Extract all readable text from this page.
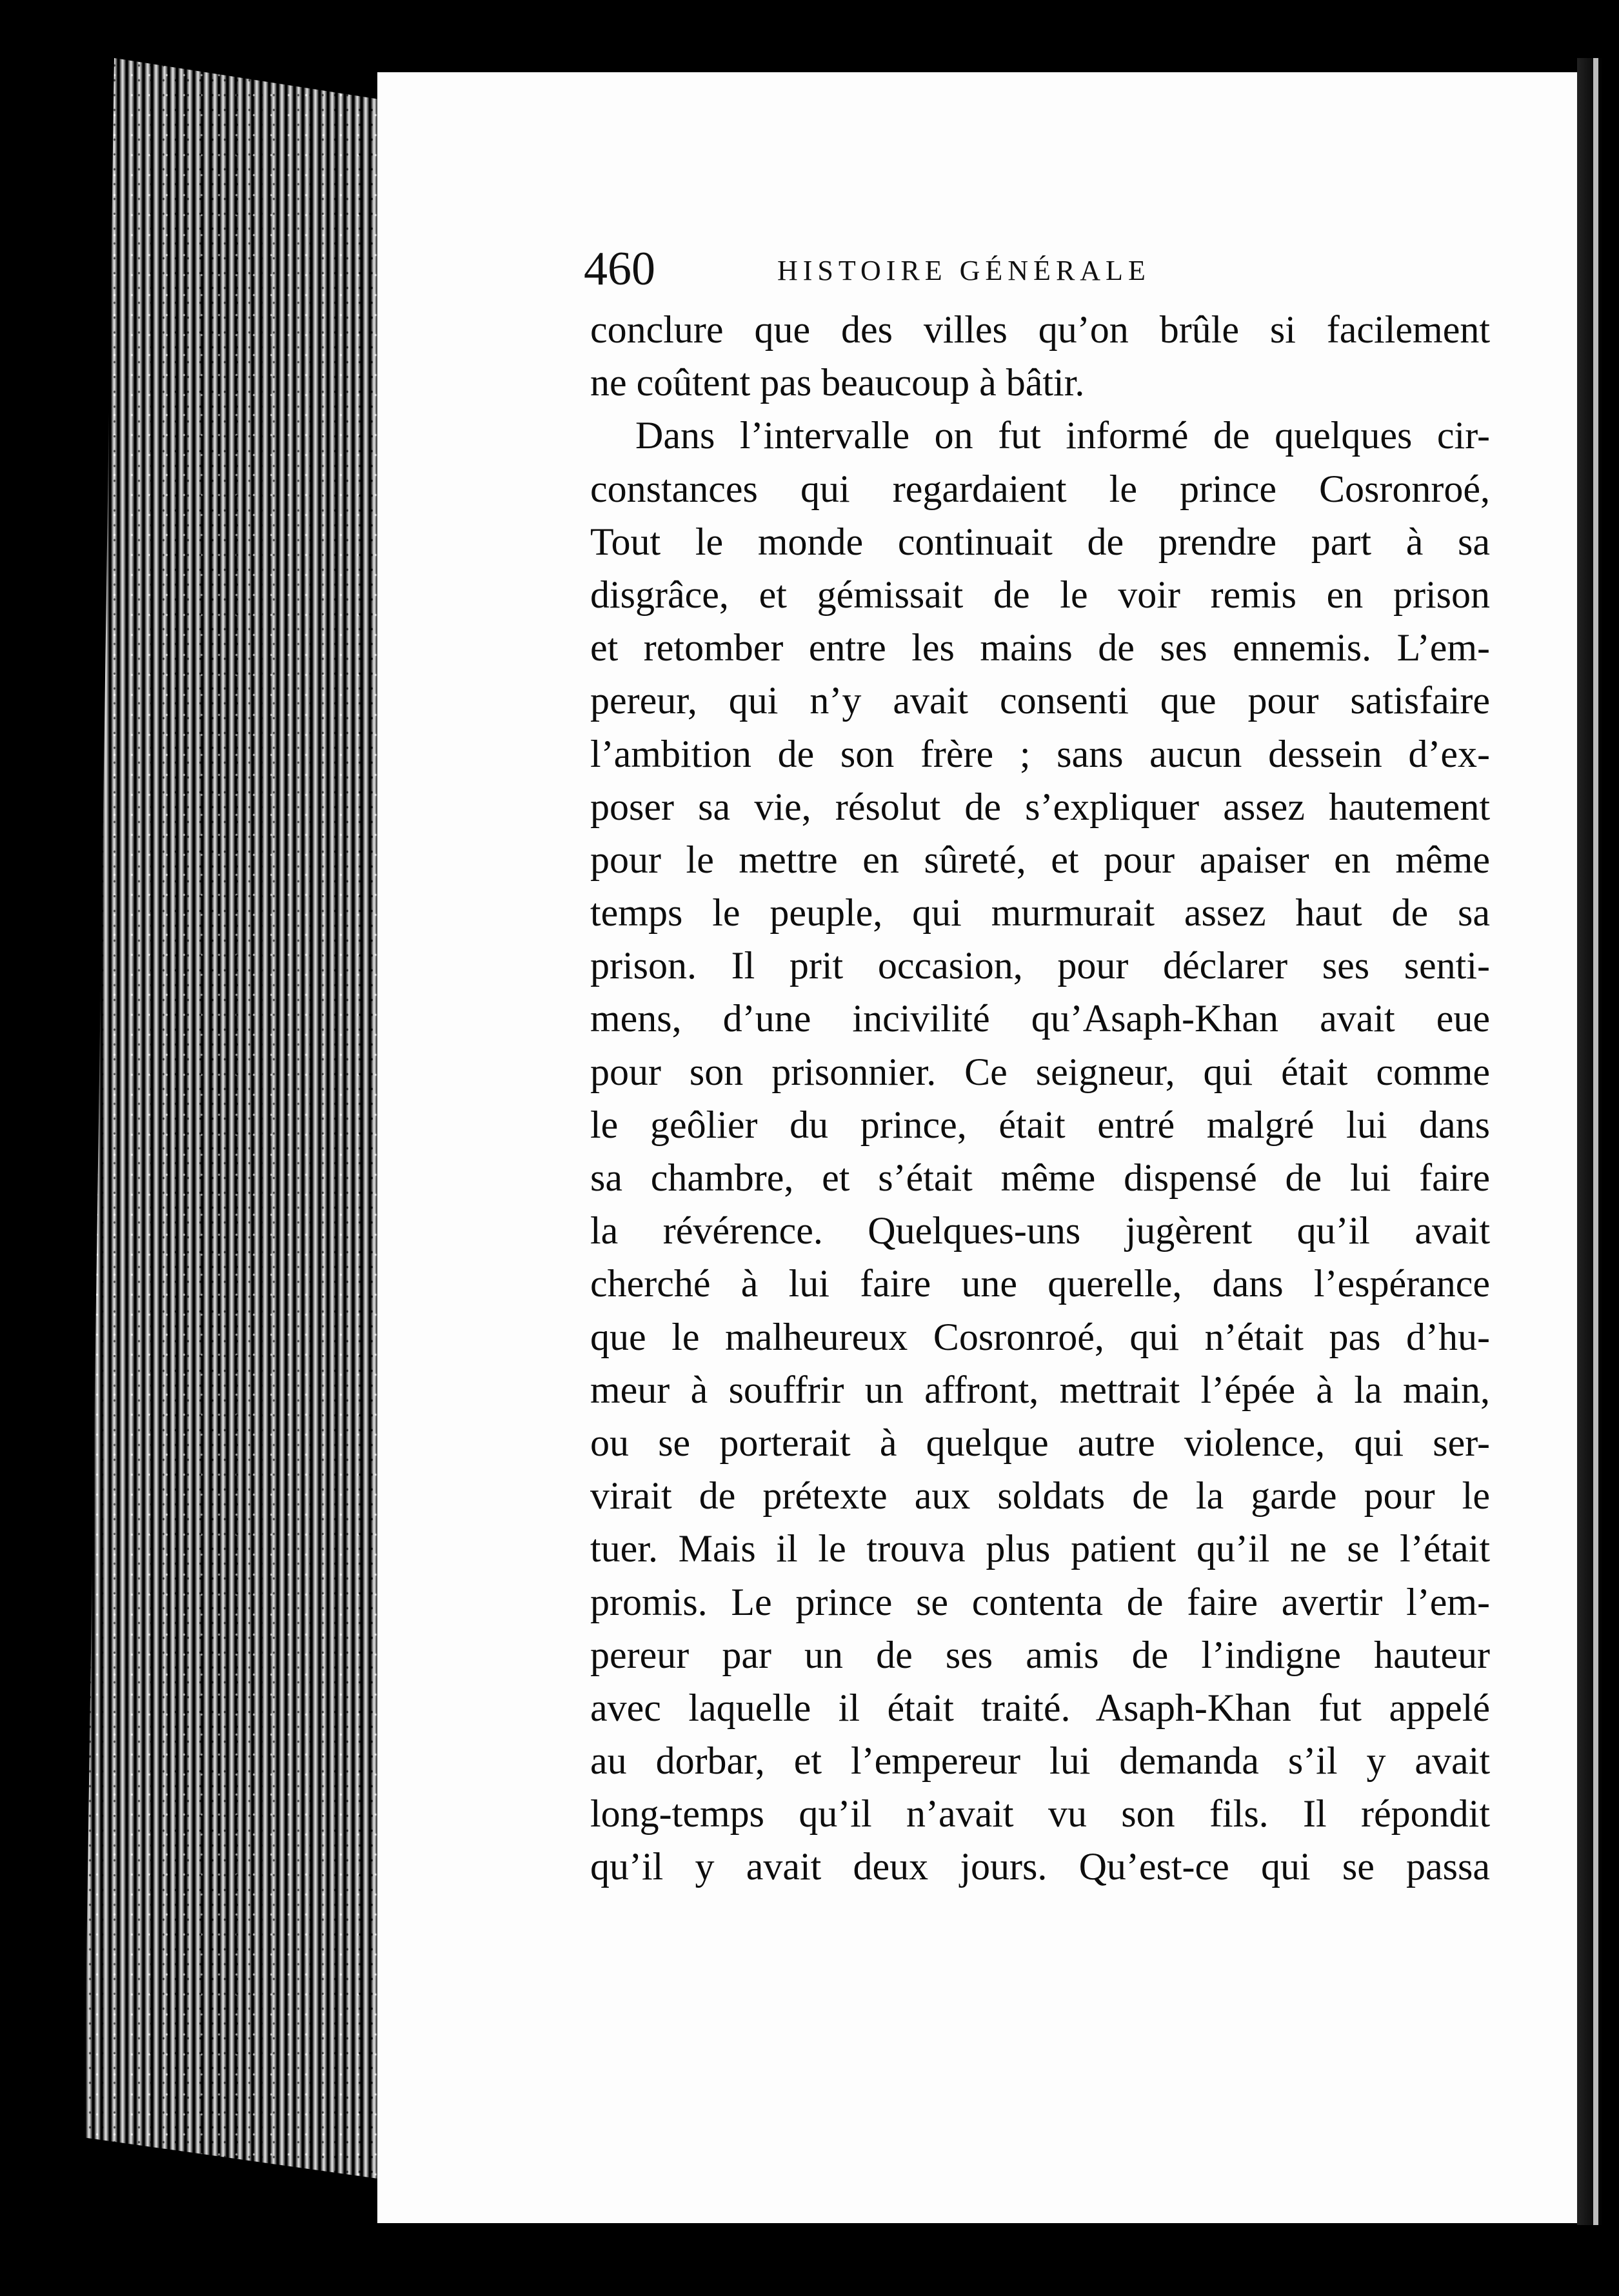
460	HISTOIRE GÉNÉRALE
conclure que des villes qu’on brûle si facilement
ne coûtent pas beaucoup à bâtir.
Dans l’intervalle on fut informé de quelques cir-
constances qui regardaient le prince Cosronroé,
Tout le monde continuait de prendre part à sa
disgrâce, et gémissait de le voir remis en prison
et retomber entre les mains de ses ennemis. L’em-
pereur, qui n’y avait consenti que pour satisfaire
l’ambition de son frère ; sans aucun dessein d’ex-
poser sa vie, résolut de s’expliquer assez hautement
pour le mettre en sûreté, et pour apaiser en même
temps le peuple, qui murmurait assez haut de sa
prison. Il prit occasion, pour déclarer ses senti-
mens, d’une incivilité qu’Asaph-Khan avait eue
pour son prisonnier. Ce seigneur, qui était comme
le geôlier du prince, était entré malgré lui dans
sa chambre, et s’était même dispensé de lui faire
la révérence. Quelques-uns jugèrent qu’il avait
cherché à lui faire une querelle, dans l’espérance
que le malheureux Cosronroé, qui n’était pas d’hu-
meur à souffrir un affront, mettrait l’épée à la main,
ou se porterait à quelque autre violence, qui ser-
virait de prétexte aux soldats de la garde pour le
tuer. Mais il le trouva plus patient qu’il ne se l’était
promis. Le prince se contenta de faire avertir l’em-
pereur par un de ses amis de l’indigne hauteur
avec laquelle il était traité. Asaph-Khan fut appelé
au dorbar, et l’empereur lui demanda s’il y avait
long-temps qu’il n’avait vu son fils. Il répondit
qu’il y avait deux jours. Qu’est-ce qui se passa
